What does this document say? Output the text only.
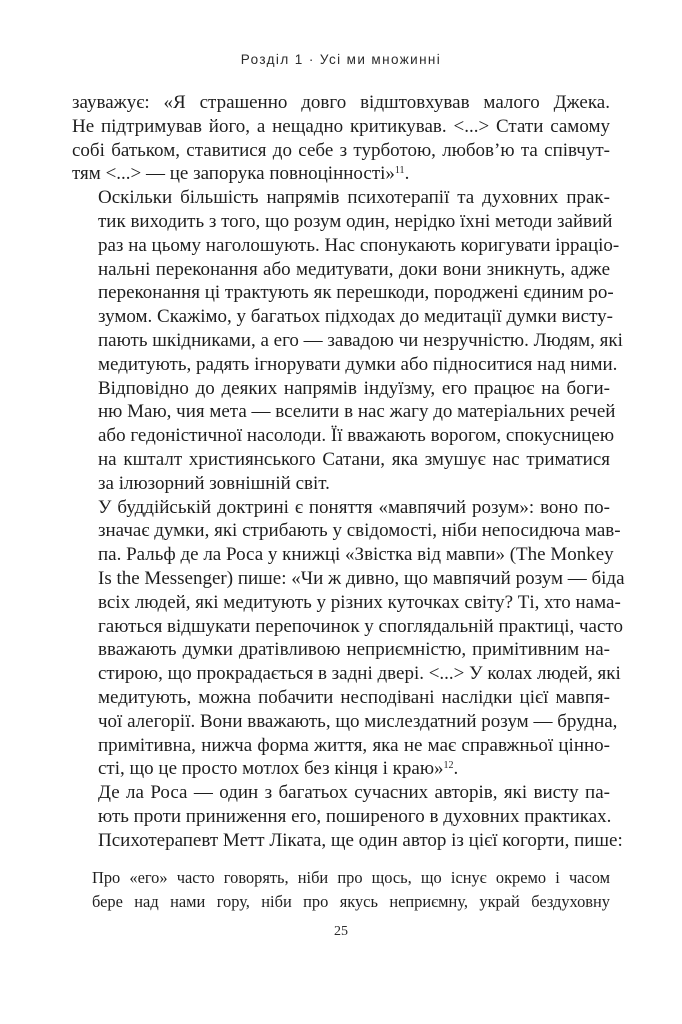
Розділ 1 · Усі ми множинні

зауважує: «Я страшенно довго відштовхував малого Джека.
Не підтримував його, а нещадно критикував. <...> Стати самому
собі батьком, ставитися до себе з турботою, любов’ю та співчут-
тям <...> — це запорука повноцінності»$^{11}$.

Оскільки більшість напрямів психотерапії та духовних прак-
тик виходить з того, що розум один, нерідко їхні методи зайвий
раз на цьому наголошують. Нас спонукають коригувати ірраціо-
нальні переконання або медитувати, доки вони зникнуть, адже
переконання ці трактують як перешкоди, породжені єдиним ро-
зумом. Скажімо, у багатьох підходах до медитації думки висту-
пають шкідниками, а его — завадою чи незручністю. Людям, які
медитують, радять ігнорувати думки або підноситися над ними.

Відповідно до деяких напрямів індуїзму, его працює на боги-
ню Маю, чия мета — вселити в нас жагу до матеріальних речей
або гедоністичної насолоди. Її вважають ворогом, спокусницею
на кшталт християнського Сатани, яка змушує нас триматися
за ілюзорний зовнішній світ.

У буддійській доктрині є поняття «мавпячий розум»: воно по-
значає думки, які стрибають у свідомості, ніби непосидюча мав-
па. Ральф де ла Роса у книжці «Звістка від мавпи» (The Monkey
Is the Messenger) пише: «Чи ж дивно, що мавпячий розум — біда
всіх людей, які медитують у різних куточках світу? Ті, хто нама-
гаються відшукати перепочинок у споглядальній практиці, часто
вважають думки дратівливою неприємністю, примітивним на-
стирою, що прокрадається в задні двері. <...> У колах людей, які
медитують, можна побачити несподівані наслідки цієї мавпя-
чої алегорії. Вони вважають, що мислездатний розум — брудна,
примітивна, нижча форма життя, яка не має справжньої цінно-
сті, що це просто мотлох без кінця і краю»$^{12}$.

Де ла Роса — один з багатьох сучасних авторів, які висту па-
ють проти приниження его, поширеного в духовних практиках.
Психотерапевт Метт Ліката, ще один автор із цієї когорти, пише:

Про «его» часто говорять, ніби про щось, що існує окремо і часом
бере над нами гору, ніби про якусь неприємну, украй бездуховну
25
